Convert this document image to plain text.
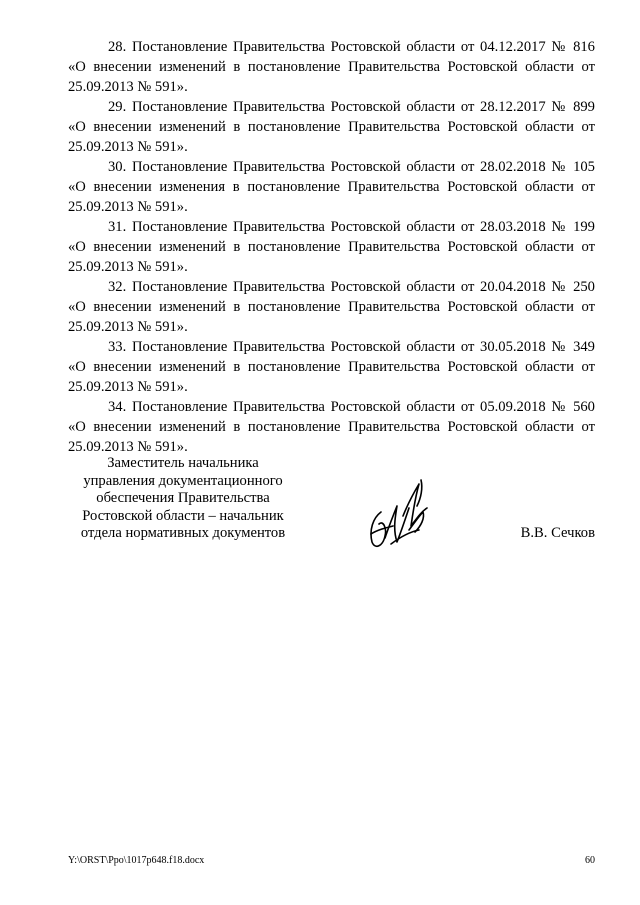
28. Постановление Правительства Ростовской области от 04.12.2017 № 816 «О внесении изменений в постановление Правительства Ростовской области от 25.09.2013 № 591».

29. Постановление Правительства Ростовской области от 28.12.2017 № 899 «О внесении изменений в постановление Правительства Ростовской области от 25.09.2013 № 591».

30. Постановление Правительства Ростовской области от 28.02.2018 № 105 «О внесении изменения в постановление Правительства Ростовской области от 25.09.2013 № 591».

31. Постановление Правительства Ростовской области от 28.03.2018 № 199 «О внесении изменений в постановление Правительства Ростовской области от 25.09.2013 № 591».

32. Постановление Правительства Ростовской области от 20.04.2018 № 250 «О внесении изменений в постановление Правительства Ростовской области от 25.09.2013 № 591».

33. Постановление Правительства Ростовской области от 30.05.2018 № 349 «О внесении изменений в постановление Правительства Ростовской области от 25.09.2013 № 591».

34. Постановление Правительства Ростовской области от 05.09.2018 № 560 «О внесении изменений в постановление Правительства Ростовской области от 25.09.2013 № 591».

Заместитель начальника
управления документационного
обеспечения Правительства
Ростовской области – начальник
отдела нормативных документов	В.В. Сечков
Y:\ORST\Ppo\1017p648.f18.docx	60
